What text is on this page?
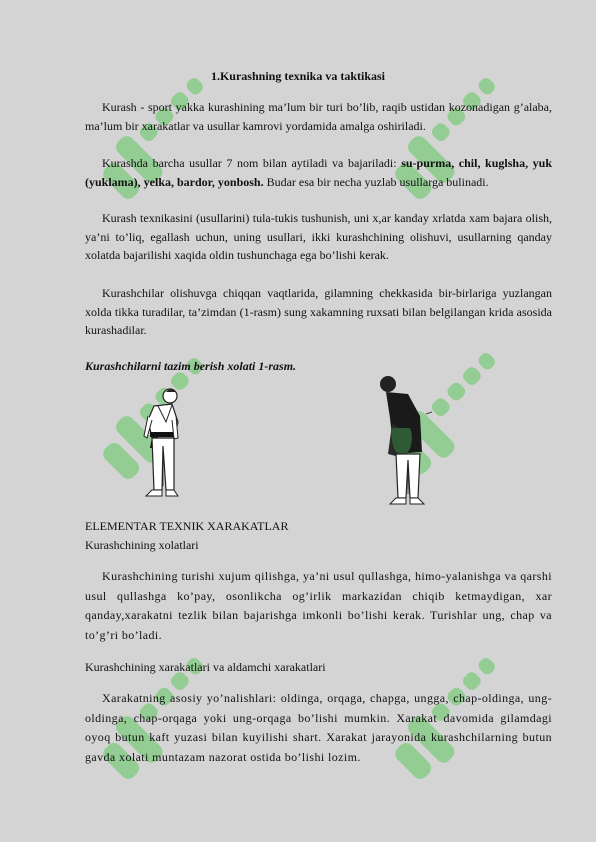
1.Kurashning texnika va taktikasi

Kurash - sport yakka kurashining ma’lum bir turi bo’lib, raqib ustidan kozonadigan g’alaba, ma’lum bir xarakatlar va usullar kamrovi yordamida amalga oshiriladi.

Kurashda barcha usullar 7 nom bilan aytiladi va bajariladi: su-purma, chil, kuglsha, yuk (yuklama), yelka, bardor, yonbosh. Budar esa bir necha yuzlab usullarga bulinadi.

Kurash texnikasini (usullarini) tula-tukis tushunish, uni x,ar kanday xrlatda xam bajara olish, ya’ni to’liq, egallash uchun, uning usullari, ikki kurashchining olishuvi, usullarning qanday xolatda bajarilishi xaqida oldin tushunchaga ega bo’lishi kerak.

Kurashchilar olishuvga chiqqan vaqtlarida, gilamning chekkasida bir-birlariga yuzlangan xolda tikka turadilar, ta’zimdan (1-rasm) sung xakamning ruxsati bilan belgilangan krida asosida kurashadilar.

Kurashchilarni tazim berish xolati 1-rasm.
ELEMENTAR TEXNIK XARAKATLAR
Kurashchining xolatlari

Kurashchining turishi xujum qilishga, ya’ni usul qullashga, himo-yalanishga va qarshi usul qullashga ko’pay, osonlikcha og’irlik markazidan chiqib ketmaydigan, xar qanday,xarakatni tezlik bilan bajarishga imkonli bo’lishi kerak. Turishlar ung, chap va to’g’ri bo’ladi.

Kurashchining xarakatlari va aldamchi xarakatlari

Xarakatning asosiy yo’nalishlari: oldinga, orqaga, chapga, ungga, chap-oldinga, ung-oldinga, chap-orqaga yoki ung-orqaga bo’lishi mumkin. Xarakat davomida gilamdagi oyoq butun kaft yuzasi bilan kuyilishi shart. Xarakat jarayonida kurashchilarning butun gavda xolati muntazam nazorat ostida bo’lishi lozim.
